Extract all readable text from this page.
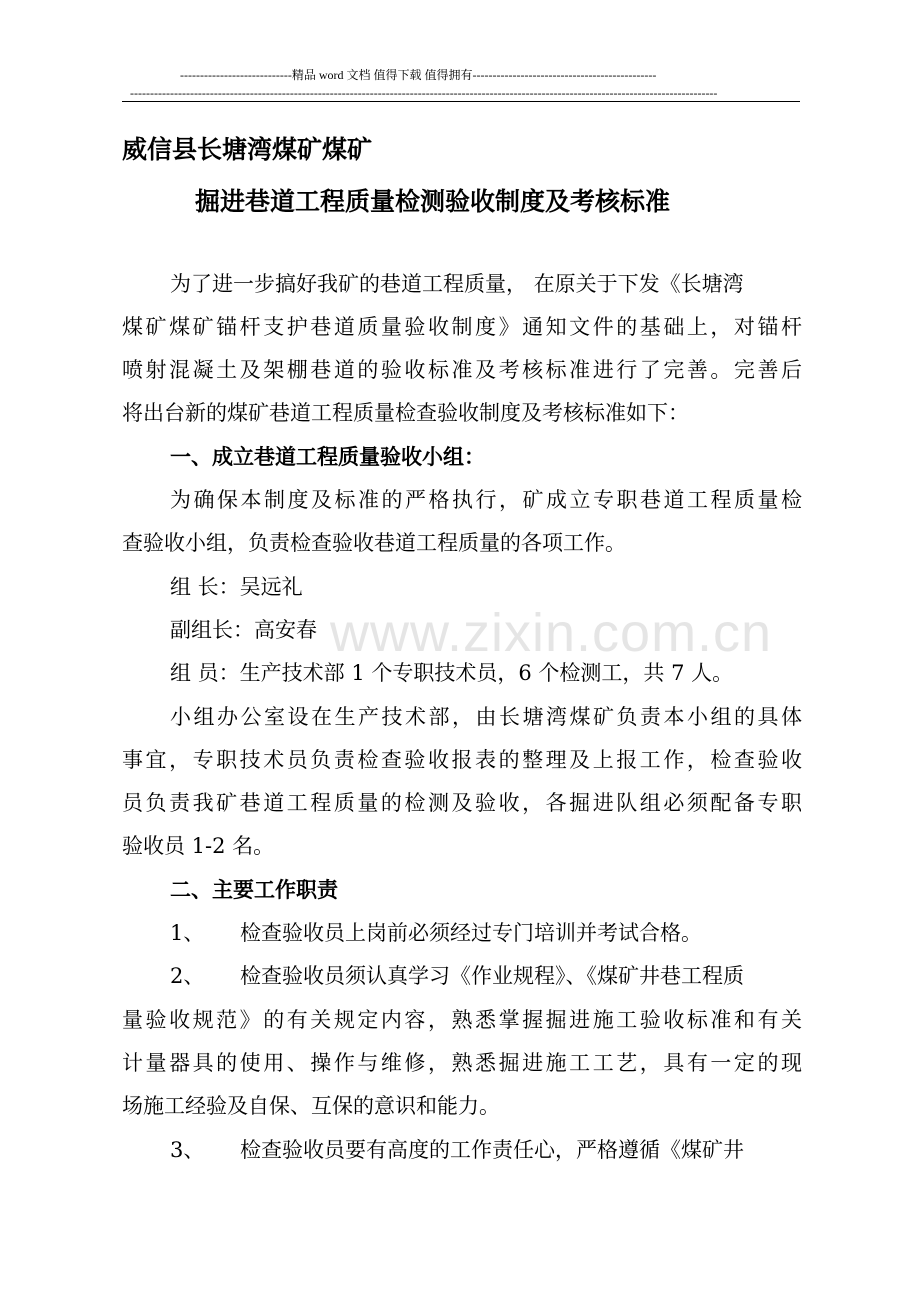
----------------------------精品 word 文档 值得下载 值得拥有----------------------------------------------
---------------------------------------------------------------------------------------------------------------------------------------------------
www.zixin.com.cn
威信县长塘湾煤矿煤矿
掘进巷道工程质量检测验收制度及考核标准
为了进一步搞好我矿的巷道工程质量， 在原关于下发《长塘湾
煤矿煤矿锚杆支护巷道质量验收制度》通知文件的基础上，对锚杆
喷射混凝土及架棚巷道的验收标准及考核标准进行了完善。完善后
将出台新的煤矿巷道工程质量检查验收制度及考核标准如下：
一、成立巷道工程质量验收小组：
为确保本制度及标准的严格执行，矿成立专职巷道工程质量检
查验收小组，负责检查验收巷道工程质量的各项工作。
组 长：吴远礼
副组长：高安春
组 员：生产技术部 1 个专职技术员，6 个检测工，共 7 人。
小组办公室设在生产技术部，由长塘湾煤矿负责本小组的具体
事宜，专职技术员负责检查验收报表的整理及上报工作，检查验收
员负责我矿巷道工程质量的检测及验收，各掘进队组必须配备专职
验收员 1-2 名。
二、主要工作职责
1、 检查验收员上岗前必须经过专门培训并考试合格。
2、 检查验收员须认真学习《作业规程》、《煤矿井巷工程质
量验收规范》的有关规定内容，熟悉掌握掘进施工验收标准和有关
计量器具的使用、操作与维修，熟悉掘进施工工艺，具有一定的现
场施工经验及自保、互保的意识和能力。
3、 检查验收员要有高度的工作责任心，严格遵循《煤矿井
